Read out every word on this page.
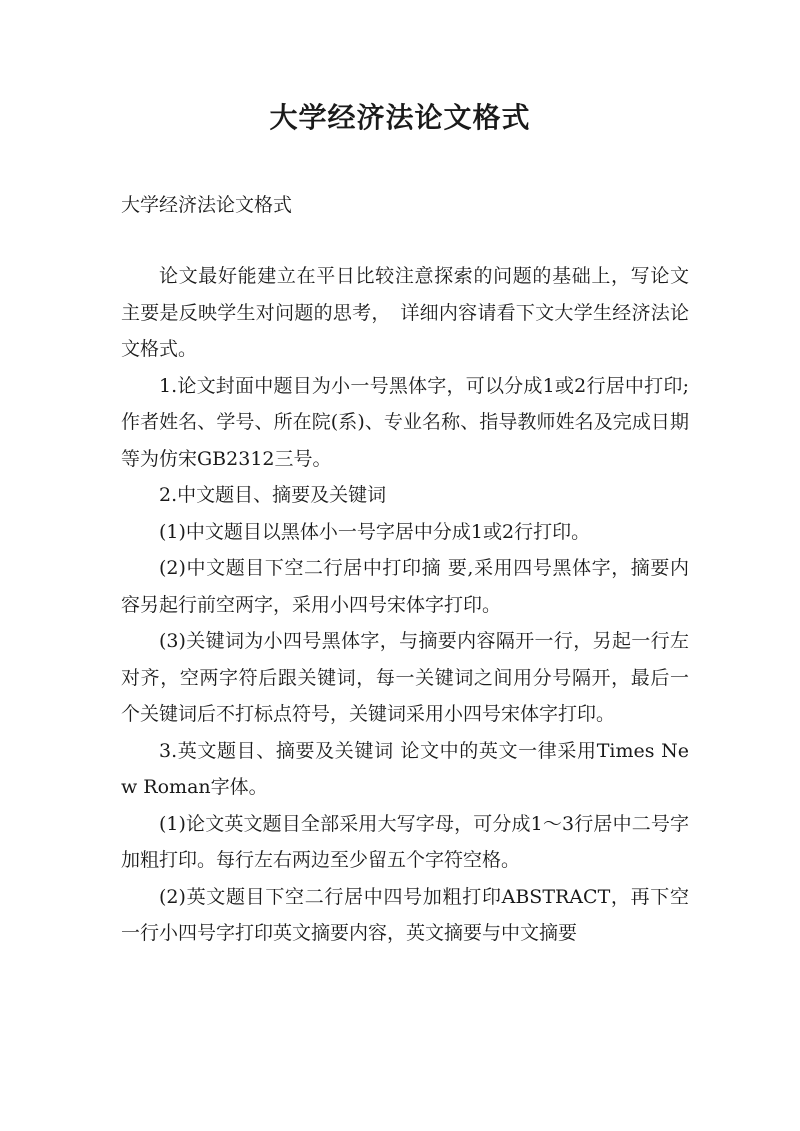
大学经济法论文格式

大学经济法论文格式

论文最好能建立在平日比较注意探索的问题的基础上，写论文主要是反映学生对问题的思考，　详细内容请看下文大学生经济法论文格式。

1.论文封面中题目为小一号黑体字，可以分成1或2行居中打印;作者姓名、学号、所在院(系)、专业名称、指导教师姓名及完成日期等为仿宋GB2312三号。

2.中文题目、摘要及关键词

(1)中文题目以黑体小一号字居中分成1或2行打印。

(2)中文题目下空二行居中打印摘 要,采用四号黑体字，摘要内容另起行前空两字，采用小四号宋体字打印。

(3)关键词为小四号黑体字，与摘要内容隔开一行，另起一行左对齐，空两字符后跟关键词，每一关键词之间用分号隔开，最后一个关键词后不打标点符号，关键词采用小四号宋体字打印。

3.英文题目、摘要及关键词 论文中的英文一律采用Times New Roman字体。

(1)论文英文题目全部采用大写字母，可分成1～3行居中二号字加粗打印。每行左右两边至少留五个字符空格。

(2)英文题目下空二行居中四号加粗打印ABSTRACT，再下空一行小四号字打印英文摘要内容，英文摘要与中文摘要
